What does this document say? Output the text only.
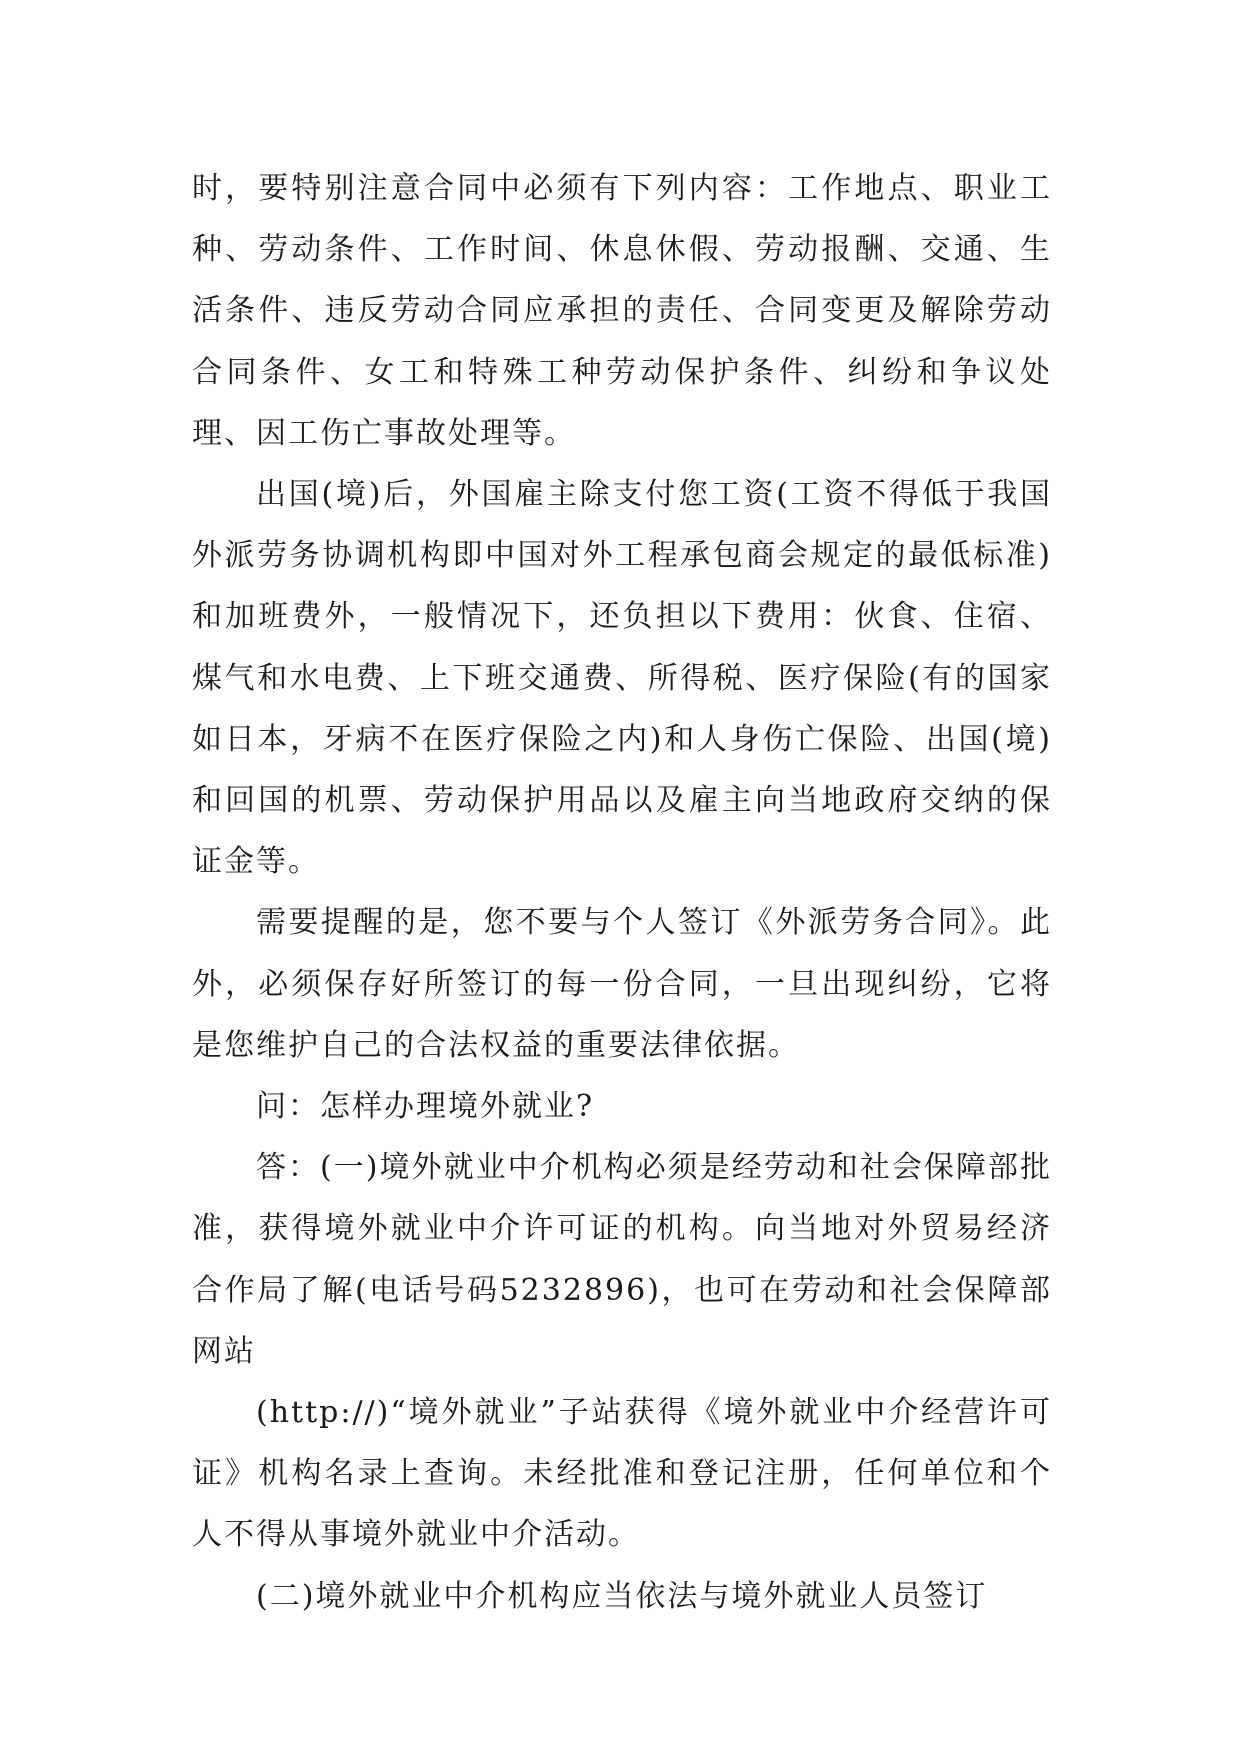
时，要特别注意合同中必须有下列内容：工作地点、职业工种、劳动条件、工作时间、休息休假、劳动报酬、交通、生活条件、违反劳动合同应承担的责任、合同变更及解除劳动合同条件、女工和特殊工种劳动保护条件、纠纷和争议处理、因工伤亡事故处理等。

出国(境)后，外国雇主除支付您工资(工资不得低于我国外派劳务协调机构即中国对外工程承包商会规定的最低标准)和加班费外，一般情况下，还负担以下费用：伙食、住宿、煤气和水电费、上下班交通费、所得税、医疗保险(有的国家如日本，牙病不在医疗保险之内)和人身伤亡保险、出国(境)和回国的机票、劳动保护用品以及雇主向当地政府交纳的保证金等。

需要提醒的是，您不要与个人签订《外派劳务合同》。此外，必须保存好所签订的每一份合同，一旦出现纠纷，它将是您维护自己的合法权益的重要法律依据。

问：怎样办理境外就业?

答：(一)境外就业中介机构必须是经劳动和社会保障部批准，获得境外就业中介许可证的机构。向当地对外贸易经济合作局了解(电话号码5232896)，也可在劳动和社会保障部网站

(http://)“境外就业”子站获得《境外就业中介经营许可证》机构名录上查询。未经批准和登记注册，任何单位和个人不得从事境外就业中介活动。

(二)境外就业中介机构应当依法与境外就业人员签订
